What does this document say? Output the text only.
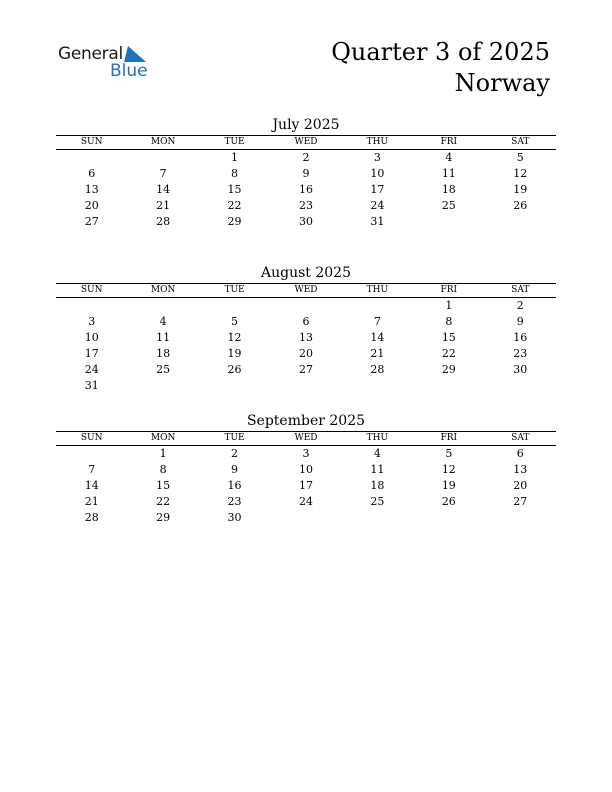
General
Blue
Quarter 3 of 2025
Norway
July 2025
SUN	MON	TUE	WED	THU	FRI	SAT
		1	2	3	4	5
6	7	8	9	10	11	12
13	14	15	16	17	18	19
20	21	22	23	24	25	26
27	28	29	30	31		
August 2025
SUN	MON	TUE	WED	THU	FRI	SAT
					1	2
3	4	5	6	7	8	9
10	11	12	13	14	15	16
17	18	19	20	21	22	23
24	25	26	27	28	29	30
31						
September 2025
SUN	MON	TUE	WED	THU	FRI	SAT
	1	2	3	4	5	6
7	8	9	10	11	12	13
14	15	16	17	18	19	20
21	22	23	24	25	26	27
28	29	30				
